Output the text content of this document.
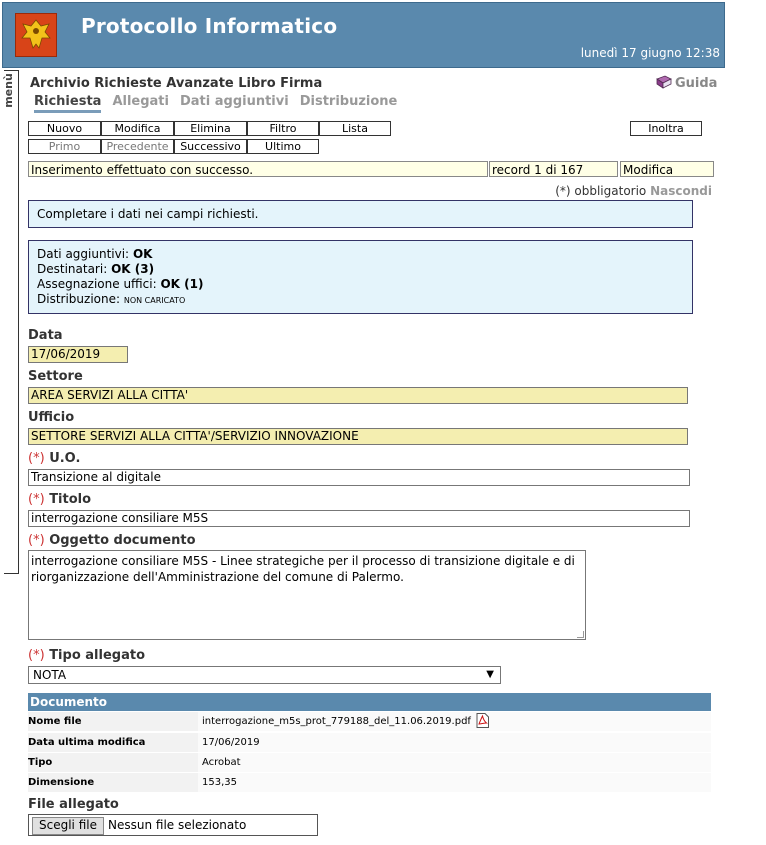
Protocollo Informatico
lunedì 17 giugno 12:38
menù Archivio Richieste Avanzate Libro Firma	Guida
Richiesta Allegati Dati aggiuntivi Distribuzione
Nuovo	Modifica	Elimina	Filtro	Lista	Inoltra
Primo	Precedente	Successivo	Ultimo
Inserimento effettuato con successo.	record 1 di 167	Modifica
(*) obbligatorio Nascondi
Completare i dati nei campi richiesti.
Dati aggiuntivi: OK
Destinatari: OK (3)
Assegnazione uffici: OK (1)
Distribuzione: NON CARICATO
Data
17/06/2019
Settore
AREA SERVIZI ALLA CITTA'
Ufficio
SETTORE SERVIZI ALLA CITTA'/SERVIZIO INNOVAZIONE
(*) U.O.
Transizione al digitale
(*) Titolo
interrogazione consiliare M5S
(*) Oggetto documento
interrogazione consiliare M5S - Linee strategiche per il processo di transizione digitale e di riorganizzazione dell'Amministrazione del comune di Palermo.
(*) Tipo allegato
NOTA	▼
Documento
Nome file	interrogazione_m5s_prot_779188_del_11.06.2019.pdf
Data ultima modifica	17/06/2019
Tipo	Acrobat
Dimensione	153,35
File allegato
Scegli file Nessun file selezionato
